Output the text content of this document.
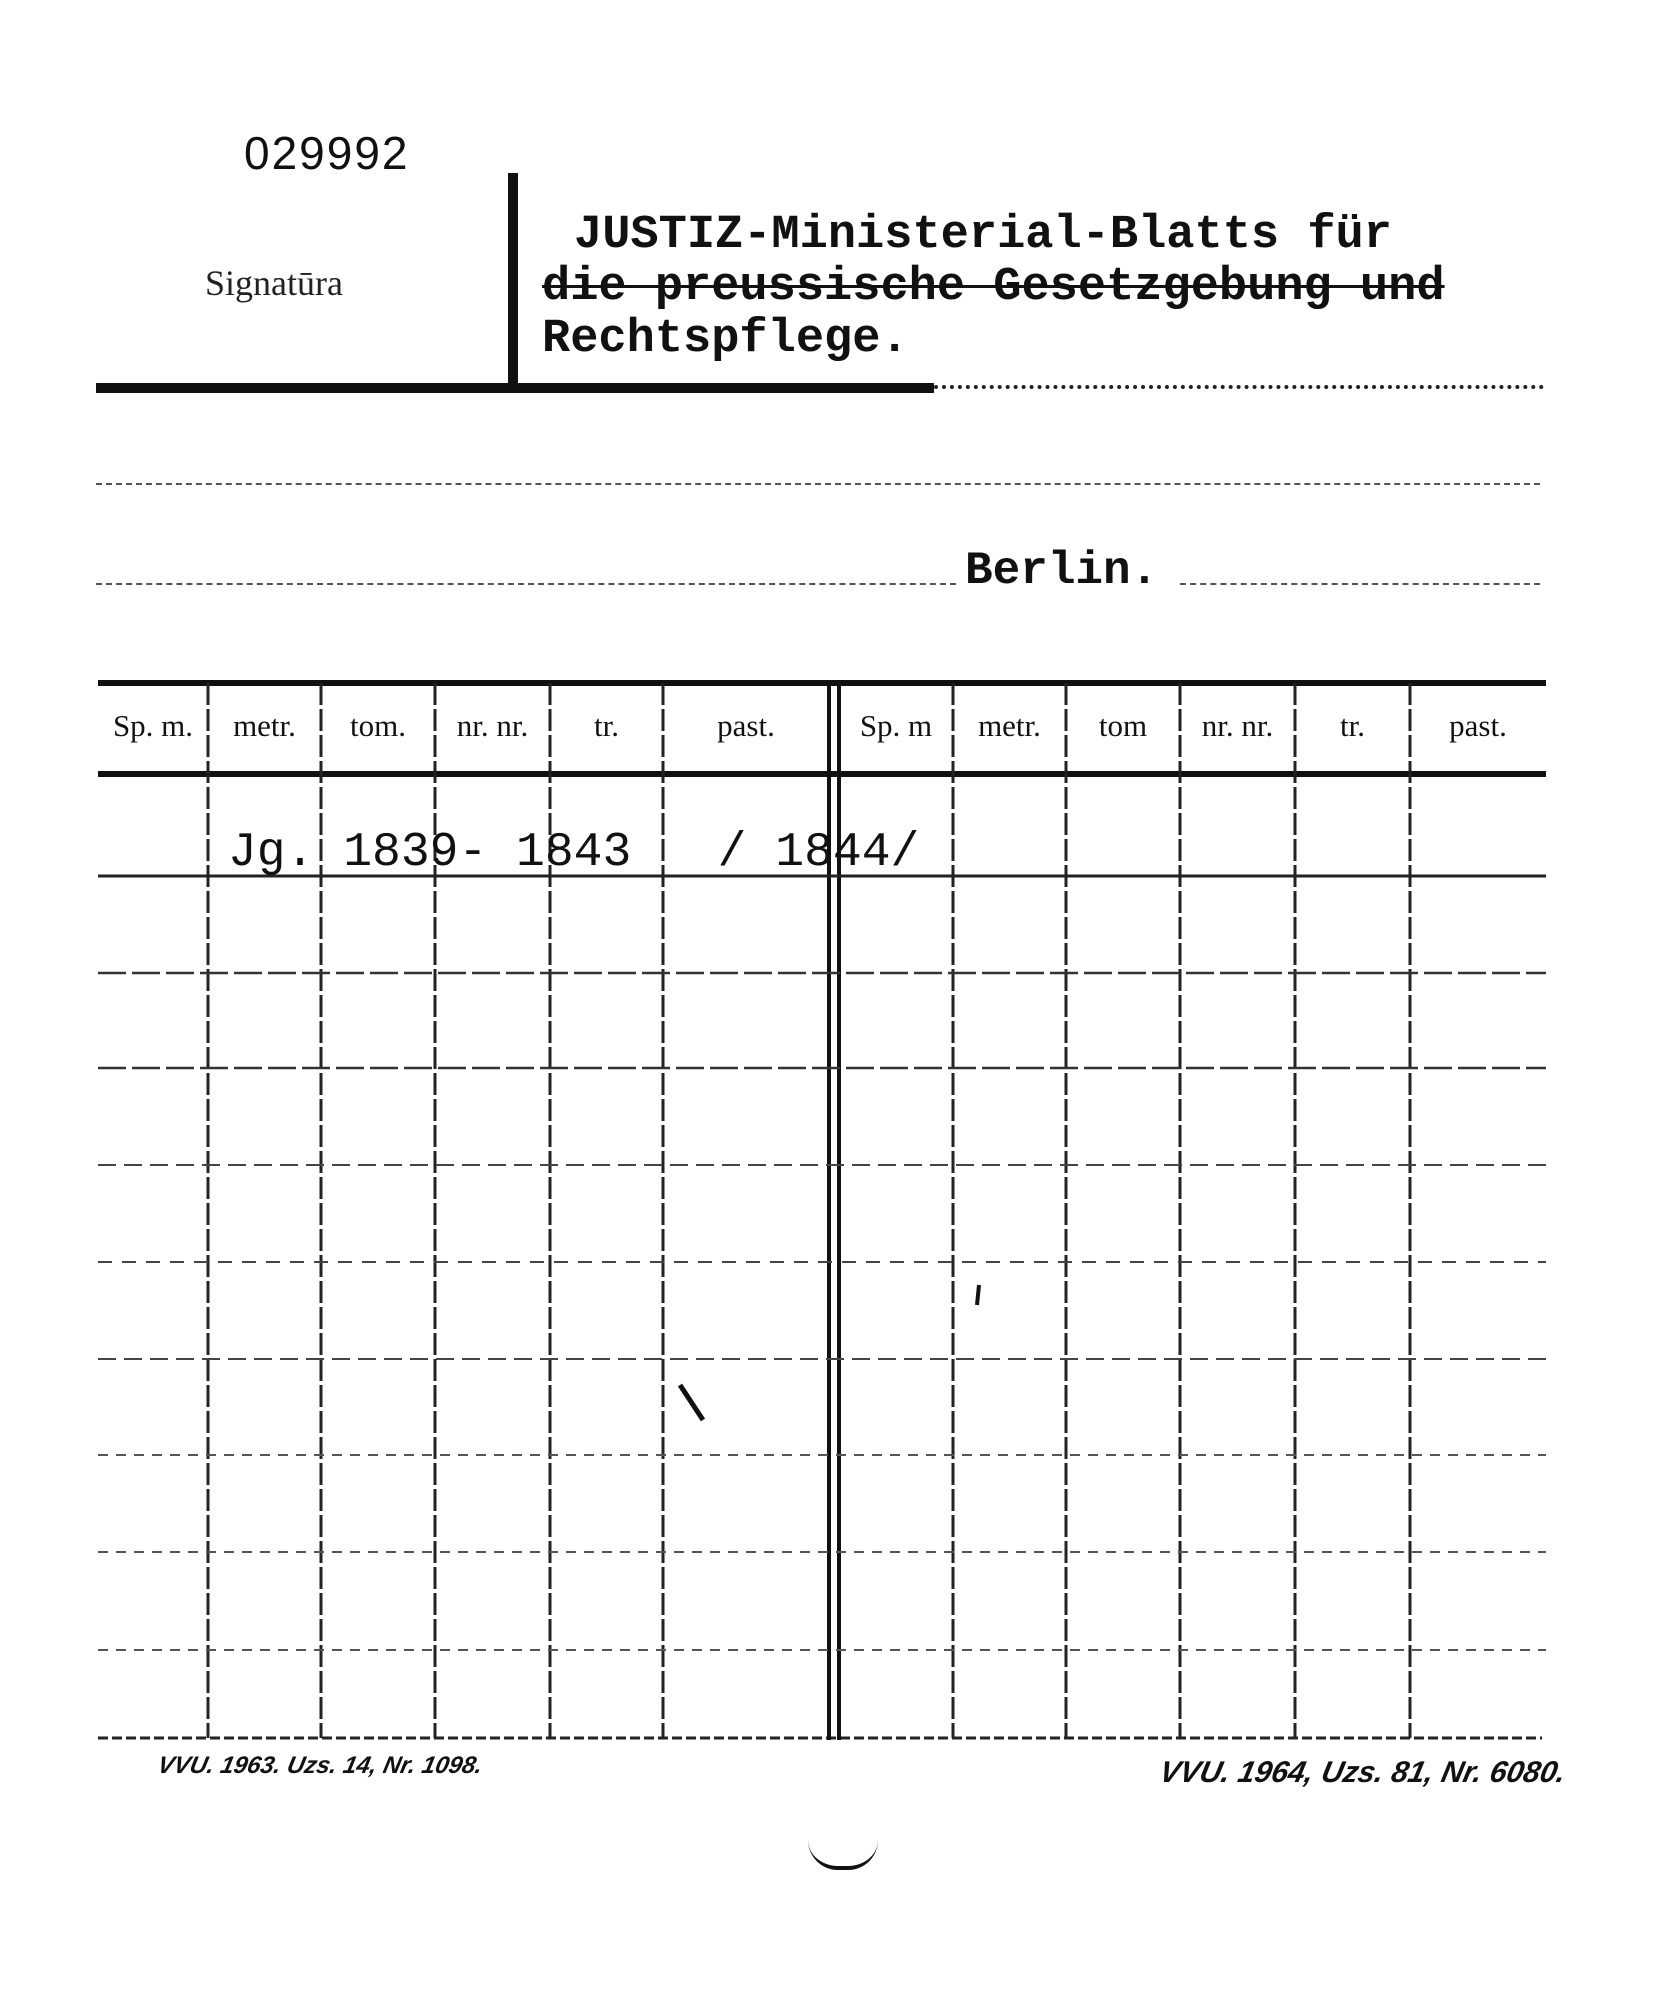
029992
Signatūra
JUSTIZ-Ministerial-Blatts für
die preussische Gesetzgebung und
Rechtspflege.
Berlin.
Sp. m.	metr.	tom.	nr. nr.	tr.	past.	Sp. m	metr.	tom	nr. nr.	tr.	past.
Jg. 1839- 1843   / 1844/
VVU. 1963. Uzs. 14, Nr. 1098.	VVU. 1964, Uzs. 81, Nr. 6080.
